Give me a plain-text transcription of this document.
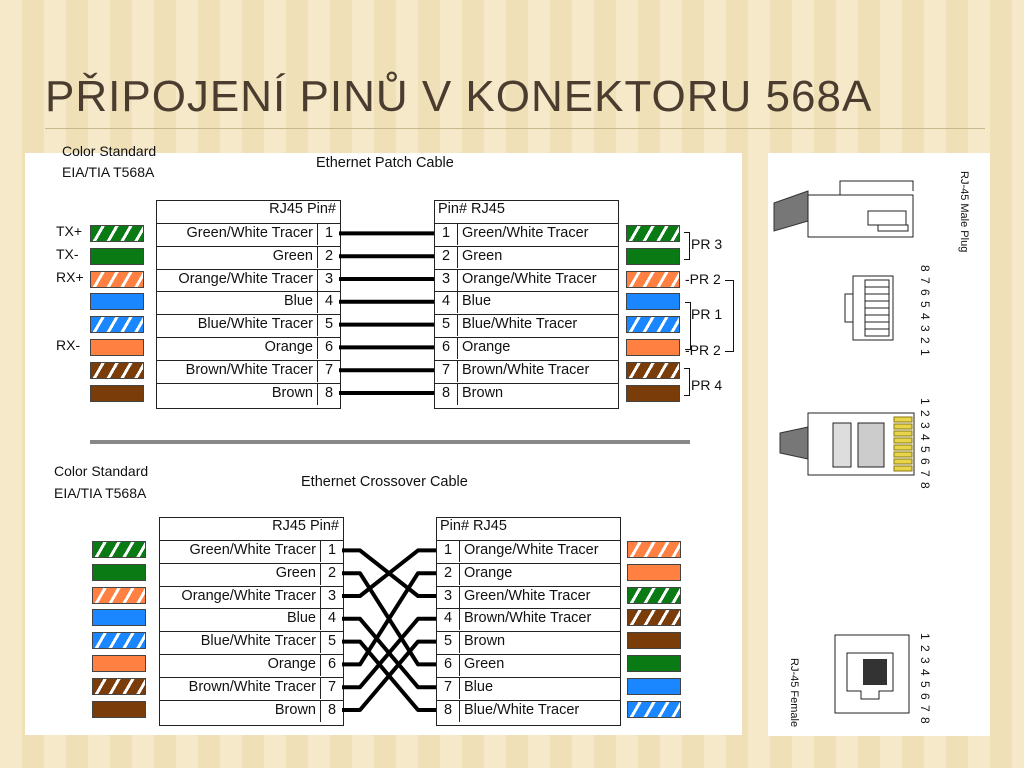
PŘIPOJENÍ PINŮ V KONEKTORU 568A
Color Standard
EIA/TIA T568A
Ethernet Patch Cable
RJ45 Pin#
Green/White Tracer 1
Green 2
Orange/White Tracer 3
Blue 4
Blue/White Tracer 5
Orange 6
Brown/White Tracer 7
Brown 8
Pin# RJ45
Green/White Tracer
1
Green
2
Orange/White Tracer
3
Blue
4
Blue/White Tracer
5
Orange
6
Brown/White Tracer
7
Brown
8
TX+
TX-
RX+
RX-
PR 3
-PR 2
PR 1
-PR 2
PR 4
Color Standard
EIA/TIA T568A
Ethernet Crossover Cable
RJ45 Pin#
Green/White Tracer 1
Green 2
Orange/White Tracer 3
Blue 4
Blue/White Tracer 5
Orange 6
Brown/White Tracer 7
Brown 8
Pin# RJ45
Orange/White Tracer
1
Orange
2
Green/White Tracer
3
Brown/White Tracer
4
Brown
5
Green
6
Blue
7
Blue/White Tracer
8
RJ-45 Male Plug
8 7 6 5 4 3 2 1
1 2 3 4 5 6 7 8
RJ-45 Female	1 2 3 4 5 6 7 8
